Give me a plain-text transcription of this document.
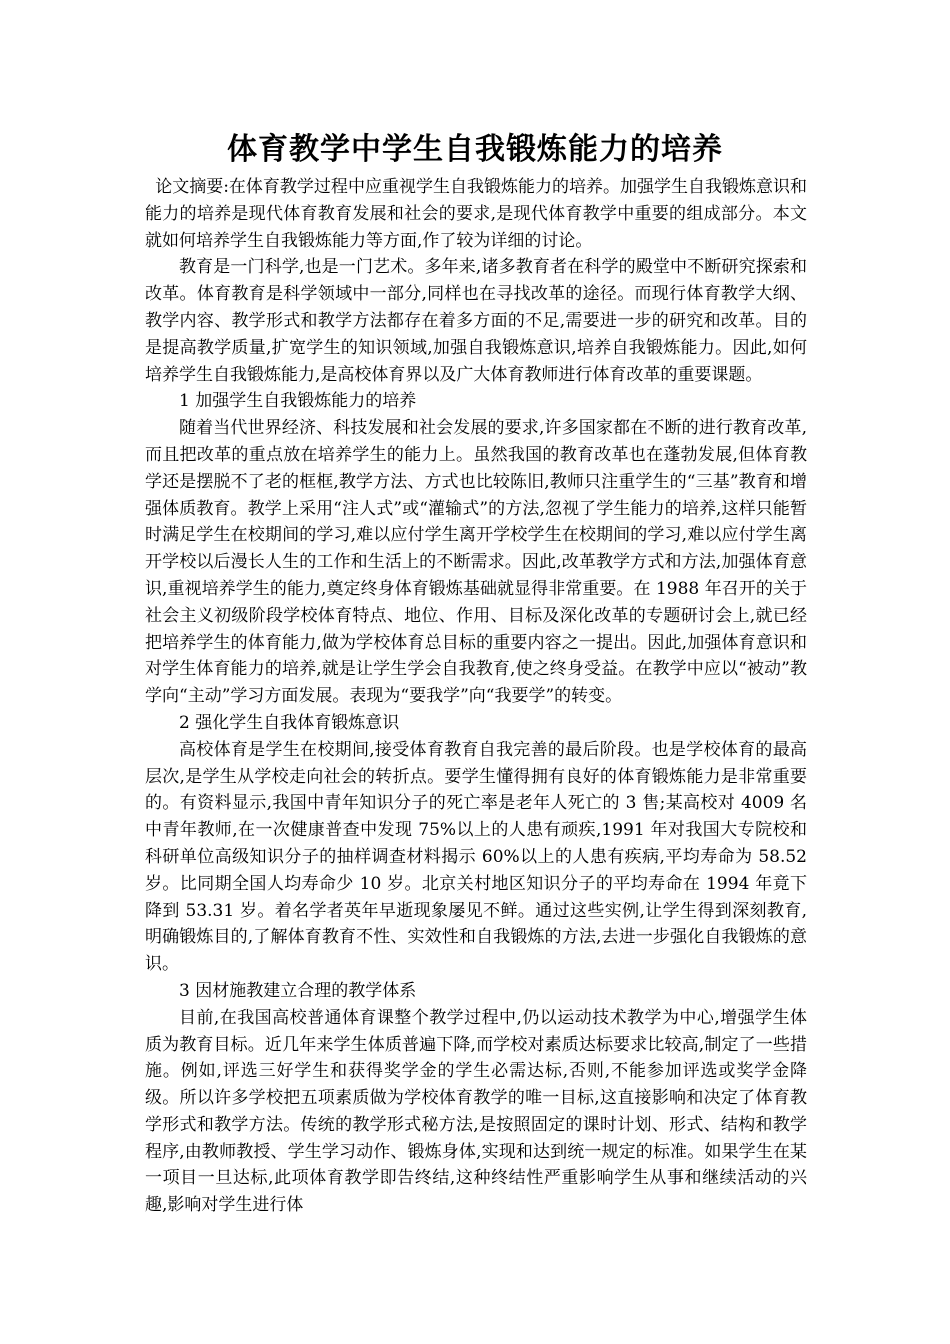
体育教学中学生自我锻炼能力的培养

论文摘要:在体育教学过程中应重视学生自我锻炼能力的培养。加强学生自我锻炼意识和能力的培养是现代体育教育发展和社会的要求,是现代体育教学中重要的组成部分。本文就如何培养学生自我锻炼能力等方面,作了较为详细的讨论。

教育是一门科学,也是一门艺术。多年来,诸多教育者在科学的殿堂中不断研究探索和改革。体育教育是科学领域中一部分,同样也在寻找改革的途径。而现行体育教学大纲、教学内容、教学形式和教学方法都存在着多方面的不足,需要进一步的研究和改革。目的是提高教学质量,扩宽学生的知识领域,加强自我锻炼意识,培养自我锻炼能力。因此,如何培养学生自我锻炼能力,是高校体育界以及广大体育教师进行体育改革的重要课题。

1 加强学生自我锻炼能力的培养

随着当代世界经济、科技发展和社会发展的要求,许多国家都在不断的进行教育改革,而且把改革的重点放在培养学生的能力上。虽然我国的教育改革也在蓬勃发展,但体育教学还是摆脱不了老的框框,教学方法、方式也比较陈旧,教师只注重学生的“三基”教育和增强体质教育。教学上采用“注人式”或“灌输式”的方法,忽视了学生能力的培养,这样只能暂时满足学生在校期间的学习,难以应付学生离开学校学生在校期间的学习,难以应付学生离开学校以后漫长人生的工作和生活上的不断需求。因此,改革教学方式和方法,加强体育意识,重视培养学生的能力,奠定终身体育锻炼基础就显得非常重要。在 1988 年召开的关于社会主义初级阶段学校体育特点、地位、作用、目标及深化改革的专题研讨会上,就已经把培养学生的体育能力,做为学校体育总目标的重要内容之一提出。因此,加强体育意识和对学生体育能力的培养,就是让学生学会自我教育,使之终身受益。在教学中应以“被动”教学向“主动”学习方面发展。表现为“要我学”向“我要学”的转变。

2 强化学生自我体育锻炼意识

高校体育是学生在校期间,接受体育教育自我完善的最后阶段。也是学校体育的最高层次,是学生从学校走向社会的转折点。要学生懂得拥有良好的体育锻炼能力是非常重要的。有资料显示,我国中青年知识分子的死亡率是老年人死亡的 3 售;某高校对 4009 名中青年教师,在一次健康普查中发现 75%以上的人患有顽疾,1991 年对我国大专院校和科研单位高级知识分子的抽样调查材料揭示 60%以上的人患有疾病,平均寿命为 58.52 岁。比同期全国人均寿命少 10 岁。北京关村地区知识分子的平均寿命在 1994 年竟下降到 53.31 岁。着名学者英年早逝现象屡见不鲜。通过这些实例,让学生得到深刻教育,明确锻炼目的,了解体育教育不性、实效性和自我锻炼的方法,去进一步强化自我锻炼的意识。

3 因材施教建立合理的教学体系

目前,在我国高校普通体育课整个教学过程中,仍以运动技术教学为中心,增强学生体质为教育目标。近几年来学生体质普遍下降,而学校对素质达标要求比较高,制定了一些措施。例如,评选三好学生和获得奖学金的学生必需达标,否则,不能参加评选或奖学金降级。所以许多学校把五项素质做为学校体育教学的唯一目标,这直接影响和决定了体育教学形式和教学方法。传统的教学形式秘方法,是按照固定的课时计划、形式、结构和教学程序,由教师教授、学生学习动作、锻炼身体,实现和达到统一规定的标准。如果学生在某一项目一旦达标,此项体育教学即告终结,这种终结性严重影响学生从事和继续活动的兴趣,影响对学生进行体
